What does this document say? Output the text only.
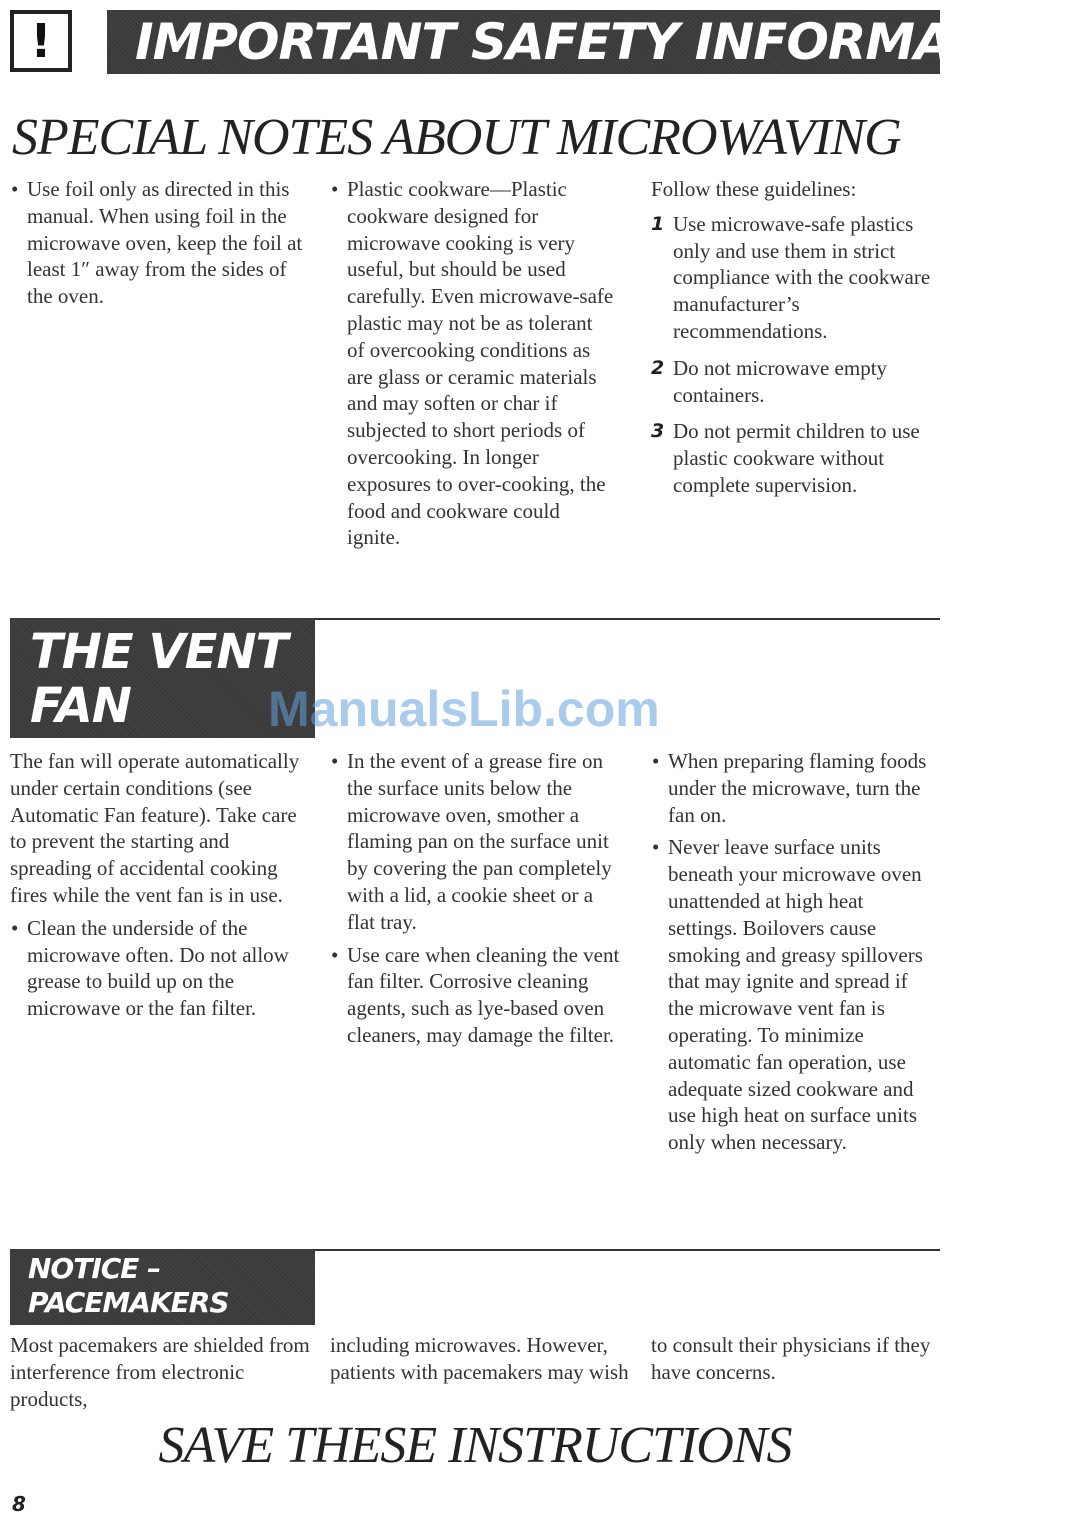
! IMPORTANT SAFETY INFORMATION
SPECIAL NOTES ABOUT MICROWAVING
• Use foil only as directed in this manual. When using foil in the microwave oven, keep the foil at least 1″ away from the sides of the oven.
• Plastic cookware—Plastic cookware designed for microwave cooking is very useful, but should be used carefully. Even microwave-safe plastic may not be as tolerant of overcooking conditions as are glass or ceramic materials and may soften or char if subjected to short periods of overcooking. In longer exposures to over-cooking, the food and cookware could ignite.
Follow these guidelines:
1 Use microwave-safe plastics only and use them in strict compliance with the cookware manufacturer’s recommendations.
2 Do not microwave empty containers.
3 Do not permit children to use plastic cookware without complete supervision.
THE VENT
FAN	ManualsLib.com
The fan will operate automatically under certain conditions (see Automatic Fan feature). Take care to prevent the starting and spreading of accidental cooking fires while the vent fan is in use.
• Clean the underside of the microwave often. Do not allow grease to build up on the microwave or the fan filter.
• In the event of a grease fire on the surface units below the microwave oven, smother a flaming pan on the surface unit by covering the pan completely with a lid, a cookie sheet or a flat tray.
• Use care when cleaning the vent fan filter. Corrosive cleaning agents, such as lye-based oven cleaners, may damage the filter.
• When preparing flaming foods under the microwave, turn the fan on.
• Never leave surface units beneath your microwave oven unattended at high heat settings. Boilovers cause smoking and greasy spillovers that may ignite and spread if the microwave vent fan is operating. To minimize automatic fan operation, use adequate sized cookware and use high heat on surface units only when necessary.
NOTICE –
PACEMAKERS
Most pacemakers are shielded from interference from electronic products,
including microwaves. However, patients with pacemakers may wish
to consult their physicians if they have concerns.
SAVE THESE INSTRUCTIONS
8
